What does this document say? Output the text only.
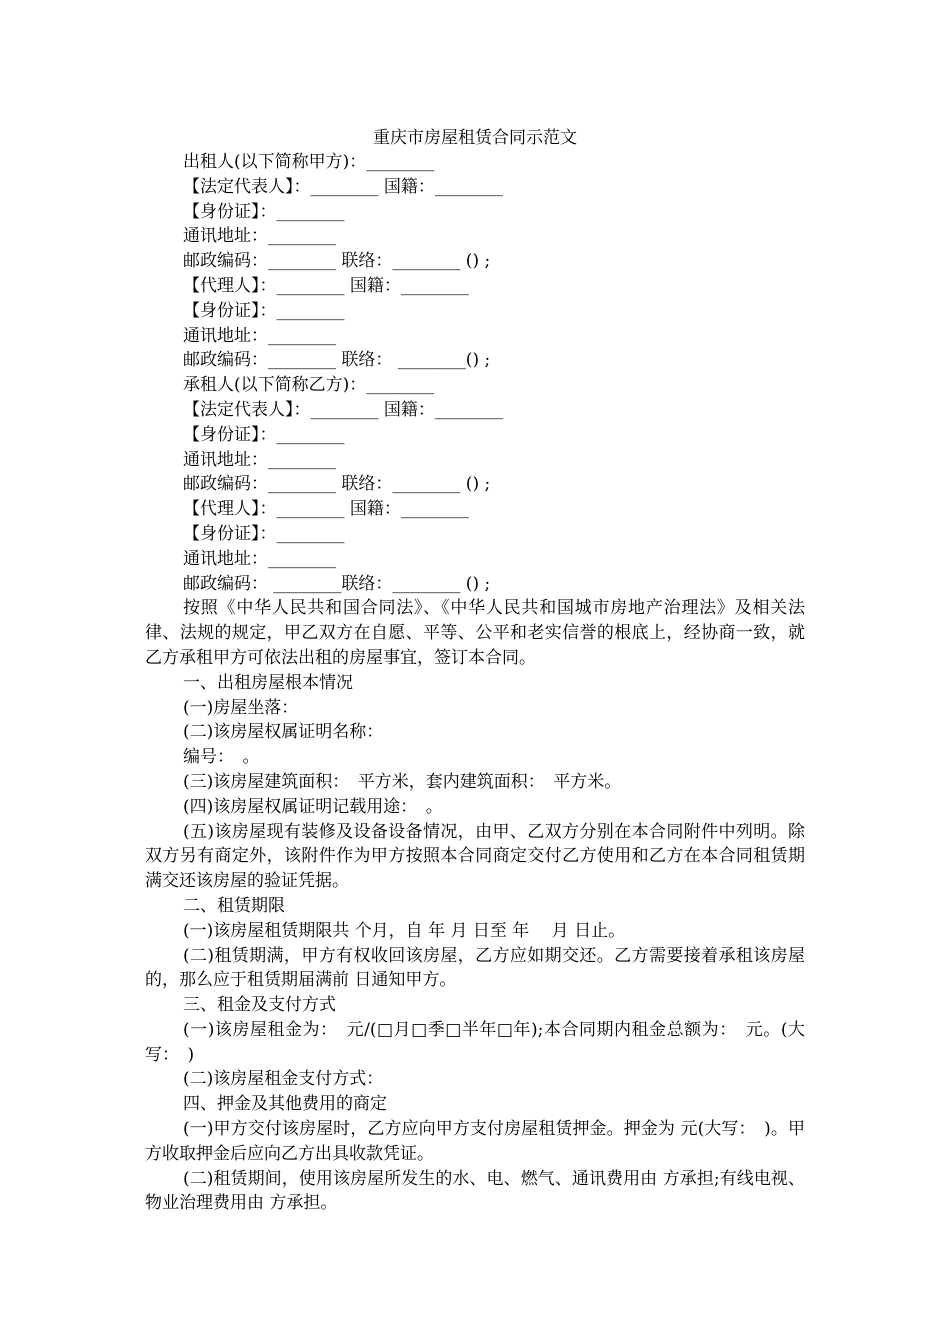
重庆市房屋租赁合同示范文
出租人(以下简称甲方)：________
【法定代表人】：________ 国籍：________
【身份证】：________
通讯地址：________
邮政编码：________ 联络：________ () ;
【代理人】：________ 国籍：________
【身份证】：________
通讯地址：________
邮政编码：________ 联络： ________() ;
承租人(以下简称乙方)：________
【法定代表人】：________ 国籍：________
【身份证】：________
通讯地址：________
邮政编码：________ 联络：________ () ;
【代理人】：________ 国籍：________
【身份证】：________
通讯地址：________
邮政编码： ________联络：________ () ;

按照《中华人民共和国合同法》、《中华人民共和国城市房地产治理法》及相关法律、法规的规定，甲乙双方在自愿、平等、公平和老实信誉的根底上，经协商一致，就乙方承租甲方可依法出租的房屋事宜，签订本合同。

一、出租房屋根本情况

(一)房屋坐落：

(二)该房屋权属证明名称：

编号：　。

(三)该房屋建筑面积：　平方米，套内建筑面积：　平方米。

(四)该房屋权属证明记载用途：　。

(五)该房屋现有装修及设备设备情况，由甲、乙双方分别在本合同附件中列明。除双方另有商定外，该附件作为甲方按照本合同商定交付乙方使用和乙方在本合同租赁期满交还该房屋的验证凭据。

二、租赁期限

(一)该房屋租赁期限共 个月，自 年 月 日至 年　 月 日止。

(二)租赁期满，甲方有权收回该房屋，乙方应如期交还。乙方需要接着承租该房屋的，那么应于租赁期届满前 日通知甲方。

三、租金及支付方式

(一)该房屋租金为：　元/(□月□季□半年□年);本合同期内租金总额为：　元。(大写：　)

(二)该房屋租金支付方式：

四、押金及其他费用的商定

(一)甲方交付该房屋时，乙方应向甲方支付房屋租赁押金。押金为 元(大写：　)。甲方收取押金后应向乙方出具收款凭证。

(二)租赁期间，使用该房屋所发生的水、电、燃气、通讯费用由 方承担;有线电视、物业治理费用由 方承担。
